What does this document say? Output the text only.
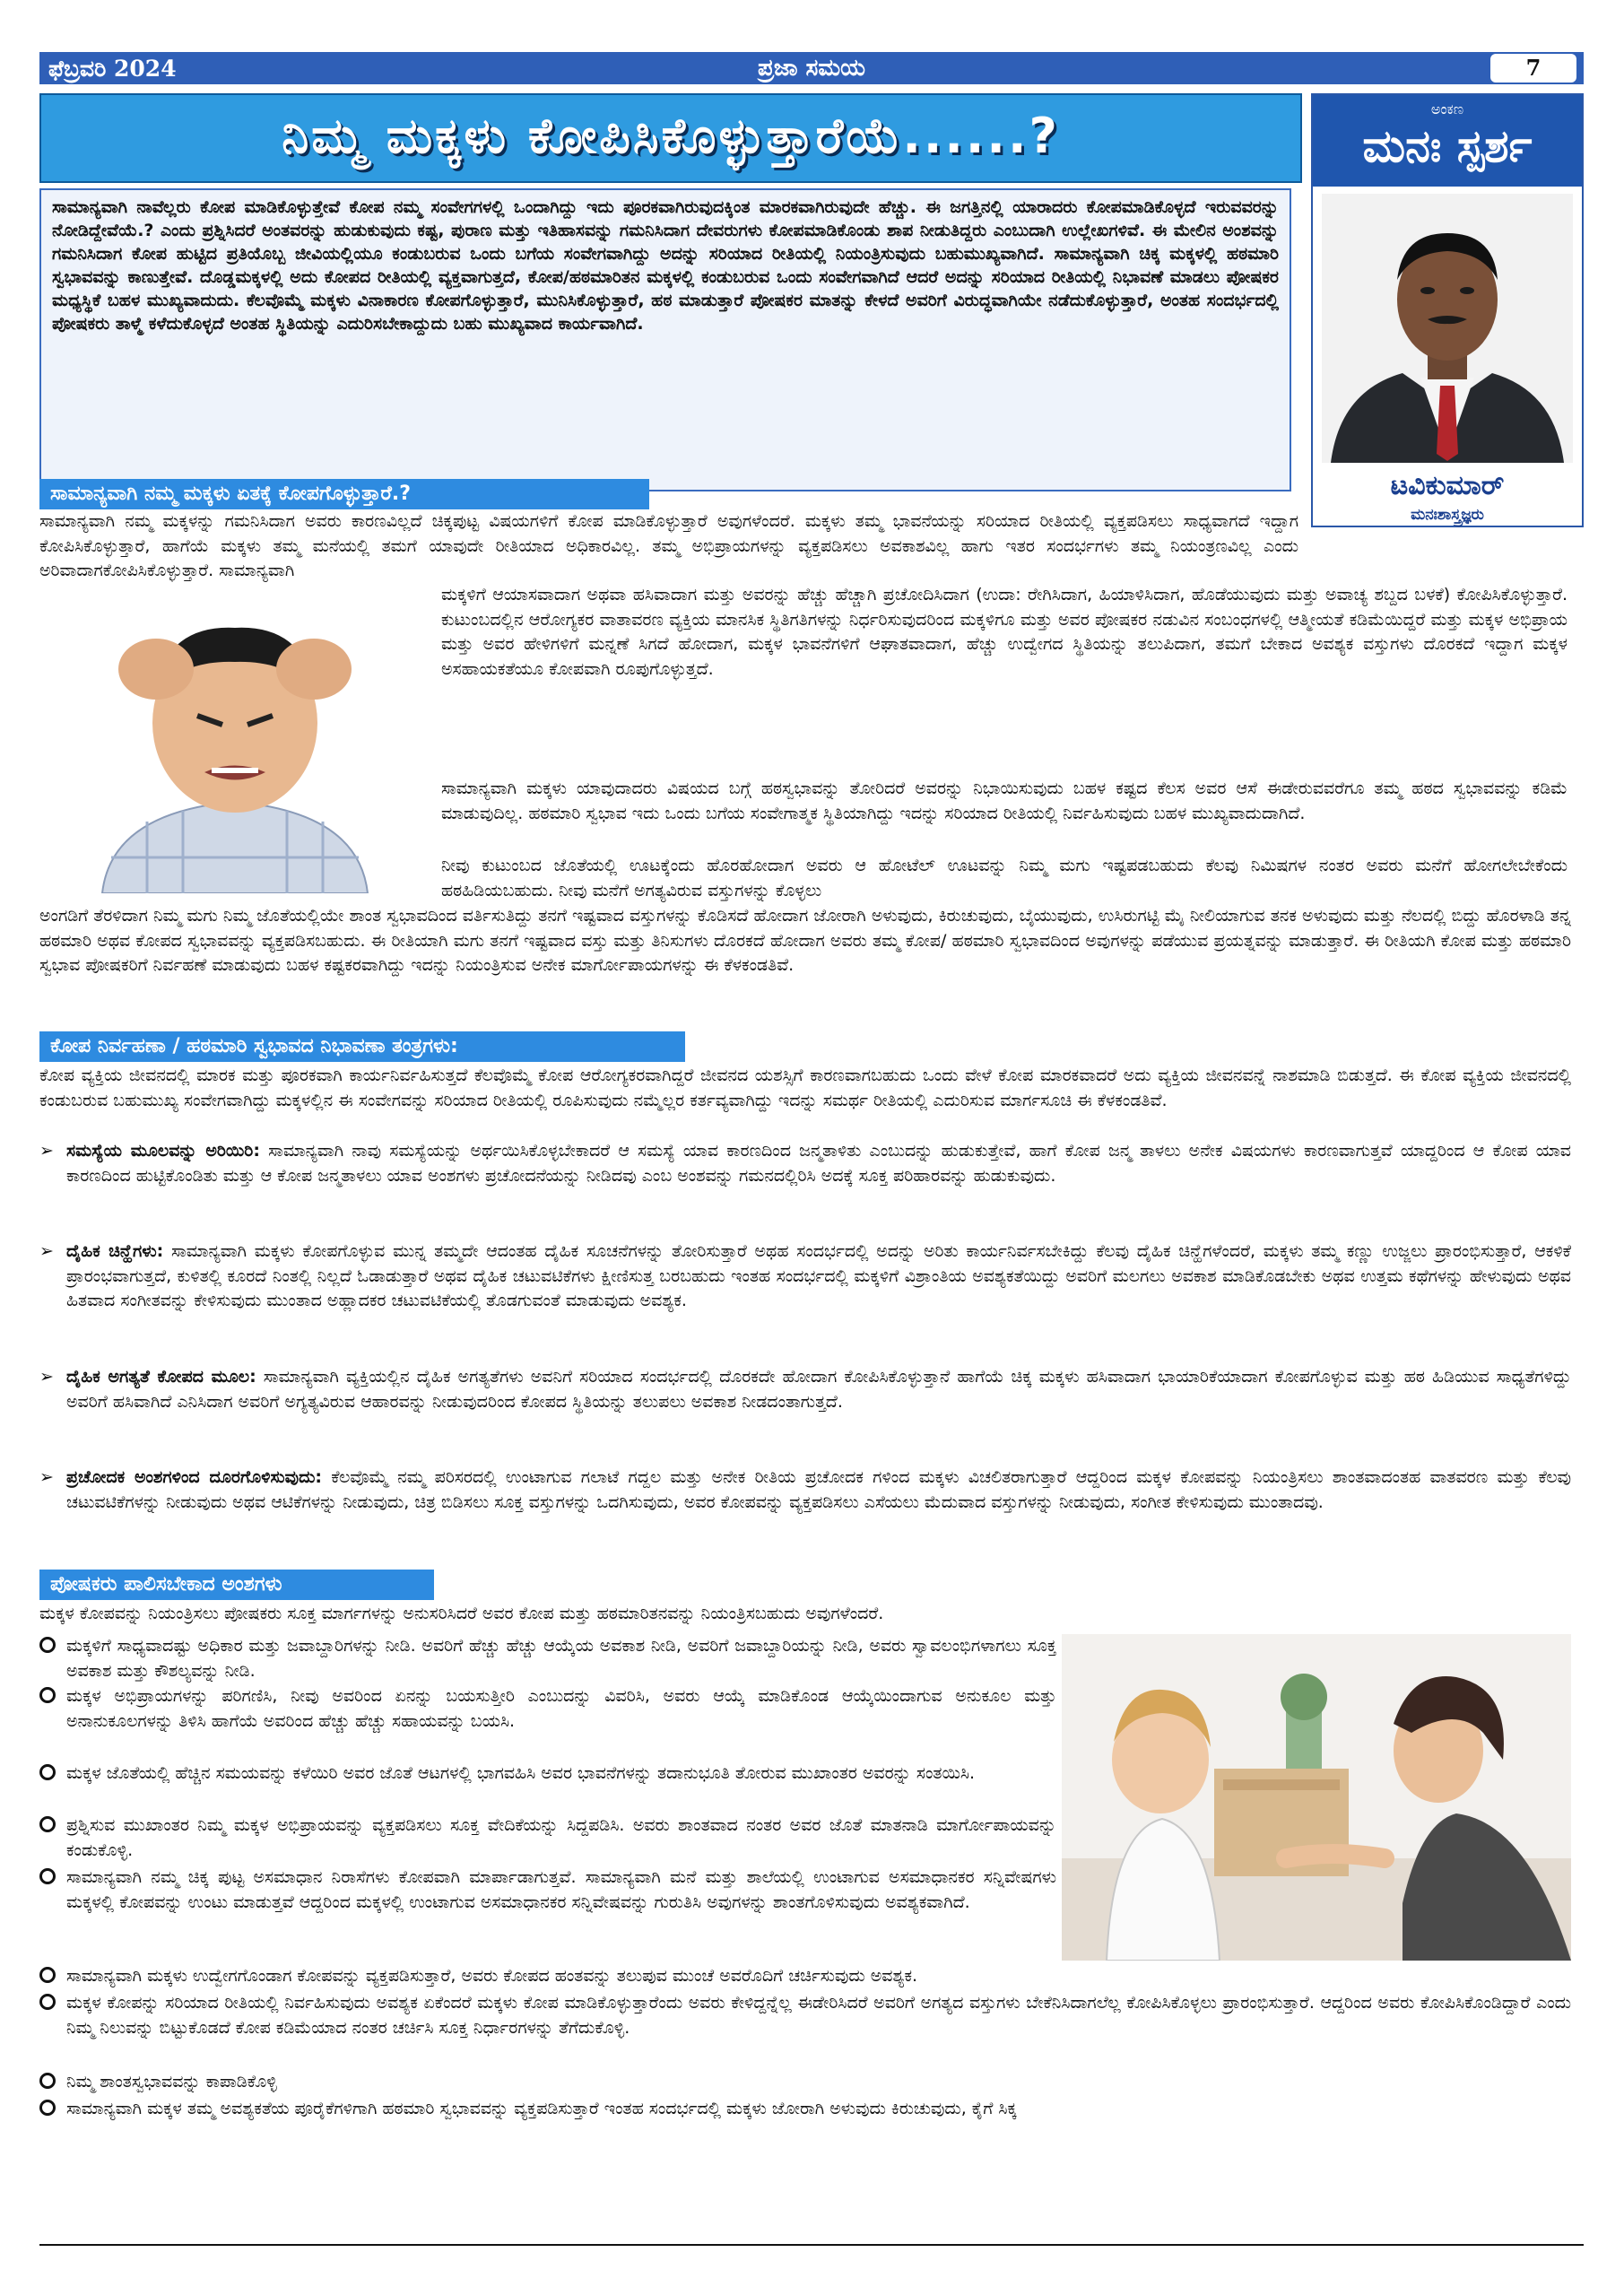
ಫೆಬ್ರವರಿ 2024	ಪ್ರಜಾ ಸಮಯ	7
ನಿಮ್ಮ ಮಕ್ಕಳು ಕೋಪಿಸಿಕೊಳ್ಳುತ್ತಾರೆಯೆ......?	ಅಂಕಣ
ಮನಃ ಸ್ಪರ್ಶ
ಟವಿಕುಮಾರ್
ಮನಃಶಾಸ್ತ್ರಜ್ಞರು

ಸಾಮಾನ್ಯವಾಗಿ ನಾವೆಲ್ಲರು ಕೋಪ ಮಾಡಿಕೊಳ್ಳುತ್ತೇವೆ ಕೋಪ ನಮ್ಮ ಸಂವೇಗಗಳಲ್ಲಿ ಒಂದಾಗಿದ್ದು ಇದು ಪೂರಕವಾಗಿರುವುದಕ್ಕಿಂತ ಮಾರಕವಾಗಿರುವುದೇ ಹೆಚ್ಚು. ಈ ಜಗತ್ತಿನಲ್ಲಿ ಯಾರಾದರು ಕೋಪಮಾಡಿಕೊಳ್ಳದೆ ಇರುವವರನ್ನು ನೋಡಿದ್ದೇವೆಯೆ.? ಎಂದು ಪ್ರಶ್ನಿಸಿದರೆ ಅಂತವರನ್ನು ಹುಡುಕುವುದು ಕಷ್ಟ, ಪುರಾಣ ಮತ್ತು ಇತಿಹಾಸವನ್ನು ಗಮನಿಸಿದಾಗ ದೇವರುಗಳು ಕೋಪಮಾಡಿಕೊಂಡು ಶಾಪ ನೀಡುತಿದ್ದರು ಎಂಬುದಾಗಿ ಉಲ್ಲೇಖಗಳಿವೆ. ಈ ಮೇಲಿನ ಅಂಶವನ್ನು ಗಮನಿಸಿದಾಗ ಕೋಪ ಹುಟ್ಟಿದ ಪ್ರತಿಯೊಬ್ಬ ಜೀವಿಯಲ್ಲಿಯೂ ಕಂಡುಬರುವ ಒಂದು ಬಗೆಯ ಸಂವೇಗವಾಗಿದ್ದು ಅದನ್ನು ಸರಿಯಾದ ರೀತಿಯಲ್ಲಿ ನಿಯಂತ್ರಿಸುವುದು ಬಹುಮುಖ್ಯವಾಗಿದೆ. ಸಾಮಾನ್ಯವಾಗಿ ಚಿಕ್ಕ ಮಕ್ಕಳಲ್ಲಿ ಹಠಮಾರಿ ಸ್ವಭಾವವನ್ನು ಕಾಣುತ್ತೇವೆ. ದೊಡ್ಡಮಕ್ಕಳಲ್ಲಿ ಅದು ಕೋಪದ ರೀತಿಯಲ್ಲಿ ವ್ಯಕ್ತವಾಗುತ್ತದೆ, ಕೋಪ/ಹಠಮಾರಿತನ ಮಕ್ಕಳಲ್ಲಿ ಕಂಡುಬರುವ ಒಂದು ಸಂವೇಗವಾಗಿದೆ ಆದರೆ ಅದನ್ನು ಸರಿಯಾದ ರೀತಿಯಲ್ಲಿ ನಿಭಾವಣೆ ಮಾಡಲು ಪೋಷಕರ ಮಧ್ಯಸ್ಥಿಕೆ ಬಹಳ ಮುಖ್ಯವಾದುದು. ಕೆಲವೊಮ್ಮೆ ಮಕ್ಕಳು ವಿನಾಕಾರಣ ಕೋಪಗೊಳ್ಳುತ್ತಾರೆ, ಮುನಿಸಿಕೊಳ್ಳುತ್ತಾರೆ, ಹಠ ಮಾಡುತ್ತಾರೆ ಪೋಷಕರ ಮಾತನ್ನು ಕೇಳದೆ ಅವರಿಗೆ ವಿರುದ್ಧವಾಗಿಯೇ ನಡೆದುಕೊಳ್ಳುತ್ತಾರೆ, ಅಂತಹ ಸಂದರ್ಭದಲ್ಲಿ ಪೋಷಕರು ತಾಳ್ಮೆ ಕಳೆದುಕೊಳ್ಳದೆ ಅಂತಹ ಸ್ಥಿತಿಯನ್ನು ಎದುರಿಸಬೇಕಾದ್ದುದು ಬಹು ಮುಖ್ಯವಾದ ಕಾರ್ಯವಾಗಿದೆ.

ಸಾಮಾನ್ಯವಾಗಿ ನಮ್ಮ ಮಕ್ಕಳು ಏತಕ್ಕೆ ಕೋಪಗೊಳ್ಳುತ್ತಾರೆ.?

ಸಾಮಾನ್ಯವಾಗಿ ನಮ್ಮ ಮಕ್ಕಳನ್ನು ಗಮನಿಸಿದಾಗ ಅವರು ಕಾರಣವಿಲ್ಲದೆ ಚಿಕ್ಕಪುಟ್ಟ ವಿಷಯಗಳಿಗೆ ಕೋಪ ಮಾಡಿಕೊಳ್ಳುತ್ತಾರೆ ಅವುಗಳೆಂದರೆ. ಮಕ್ಕಳು ತಮ್ಮ ಭಾವನೆಯನ್ನು ಸರಿಯಾದ ರೀತಿಯಲ್ಲಿ ವ್ಯಕ್ತಪಡಿಸಲು ಸಾಧ್ಯವಾಗದೆ ಇದ್ದಾಗ ಕೋಪಿಸಿಕೊಳ್ಳುತ್ತಾರೆ, ಹಾಗೆಯೆ ಮಕ್ಕಳು ತಮ್ಮ ಮನೆಯಲ್ಲಿ ತಮಗೆ ಯಾವುದೇ ರೀತಿಯಾದ ಅಧಿಕಾರವಿಲ್ಲ. ತಮ್ಮ ಅಭಿಪ್ರಾಯಗಳನ್ನು ವ್ಯಕ್ತಪಡಿಸಲು ಅವಕಾಶವಿಲ್ಲ ಹಾಗು ಇತರ ಸಂದರ್ಭಗಳು ತಮ್ಮ ನಿಯಂತ್ರಣವಿಲ್ಲ ಎಂದು ಅರಿವಾದಾಗಕೋಪಿಸಿಕೊಳ್ಳುತ್ತಾರೆ. ಸಾಮಾನ್ಯವಾಗಿ

ಮಕ್ಕಳಿಗೆ ಆಯಾಸವಾದಾಗ ಅಥವಾ ಹಸಿವಾದಾಗ ಮತ್ತು ಅವರನ್ನು ಹೆಚ್ಚು ಹೆಚ್ಚಾಗಿ ಪ್ರಚೋದಿಸಿದಾಗ (ಉದಾ: ರೇಗಿಸಿದಾಗ, ಹಿಯಾಳಿಸಿದಾಗ, ಹೊಡೆಯುವುದು ಮತ್ತು ಅವಾಚ್ಯ ಶಬ್ದದ ಬಳಕೆ) ಕೋಪಿಸಿಕೊಳ್ಳುತ್ತಾರೆ. ಕುಟುಂಬದಲ್ಲಿನ ಆರೋಗ್ಯಕರ ವಾತಾವರಣ ವ್ಯಕ್ತಿಯ ಮಾನಸಿಕ ಸ್ಥಿತಿಗತಿಗಳನ್ನು ನಿರ್ಧರಿಸುವುದರಿಂದ ಮಕ್ಕಳಿಗೂ ಮತ್ತು ಅವರ ಪೋಷಕರ ನಡುವಿನ ಸಂಬಂಧಗಳಲ್ಲಿ ಆತ್ಮೀಯತೆ ಕಡಿಮೆಯಿದ್ದರೆ ಮತ್ತು ಮಕ್ಕಳ ಅಭಿಪ್ರಾಯ ಮತ್ತು ಅವರ ಹೇಳಿಗಳಿಗೆ ಮನ್ನಣೆ ಸಿಗದೆ ಹೋದಾಗ, ಮಕ್ಕಳ ಭಾವನೆಗಳಿಗೆ ಆಘಾತವಾದಾಗ, ಹೆಚ್ಚು ಉದ್ವೇಗದ ಸ್ಥಿತಿಯನ್ನು ತಲುಪಿದಾಗ, ತಮಗೆ ಬೇಕಾದ ಅವಶ್ಯಕ ವಸ್ತುಗಳು ದೊರಕದೆ ಇದ್ದಾಗ ಮಕ್ಕಳ ಅಸಹಾಯಕತೆಯೂ ಕೋಪವಾಗಿ ರೂಪುಗೊಳ್ಳುತ್ತದೆ.

ಸಾಮಾನ್ಯವಾಗಿ ಮಕ್ಕಳು ಯಾವುದಾದರು ವಿಷಯದ ಬಗ್ಗೆ ಹಠಸ್ವಭಾವನ್ನು ತೋರಿದರೆ ಅವರನ್ನು ನಿಭಾಯಿಸುವುದು ಬಹಳ ಕಷ್ಟದ ಕೆಲಸ ಅವರ ಆಸೆ ಈಡೇರುವವರೆಗೂ ತಮ್ಮ ಹಠದ ಸ್ವಭಾವವನ್ನು ಕಡಿಮೆ ಮಾಡುವುದಿಲ್ಲ. ಹಠಮಾರಿ ಸ್ವಭಾವ ಇದು ಒಂದು ಬಗೆಯ ಸಂವೇಗಾತ್ಮಕ ಸ್ಥಿತಿಯಾಗಿದ್ದು ಇದನ್ನು ಸರಿಯಾದ ರೀತಿಯಲ್ಲಿ ನಿರ್ವಹಿಸುವುದು ಬಹಳ ಮುಖ್ಯವಾದುದಾಗಿದೆ.

ನೀವು ಕುಟುಂಬದ ಜೊತೆಯಲ್ಲಿ ಊಟಕ್ಕೆಂದು ಹೊರಹೋದಾಗ ಅವರು ಆ ಹೋಟೆಲ್ ಊಟವನ್ನು ನಿಮ್ಮ ಮಗು ಇಷ್ಟಪಡಬಹುದು ಕೆಲವು ನಿಮಿಷಗಳ ನಂತರ ಅವರು ಮನೆಗೆ ಹೋಗಲೇಬೇಕೆಂದು ಹಠಹಿಡಿಯಬಹುದು. ನೀವು ಮನೆಗೆ ಅಗತ್ಯವಿರುವ ವಸ್ತುಗಳನ್ನು ಕೊಳ್ಳಲು

ಅಂಗಡಿಗೆ ತೆರಳಿದಾಗ ನಿಮ್ಮ ಮಗು ನಿಮ್ಮ ಜೊತೆಯಲ್ಲಿಯೇ ಶಾಂತ ಸ್ವಭಾವದಿಂದ ವರ್ತಿಸುತಿದ್ದು ತನಗೆ ಇಷ್ಟವಾದ ವಸ್ತುಗಳನ್ನು ಕೊಡಿಸದೆ ಹೋದಾಗ ಜೋರಾಗಿ ಅಳುವುದು, ಕಿರುಚುವುದು, ಬೈಯುವುದು, ಉಸಿರುಗಟ್ಟಿ ಮೈ ನೀಲಿಯಾಗುವ ತನಕ ಅಳುವುದು ಮತ್ತು ನೆಲದಲ್ಲಿ ಬಿದ್ದು ಹೊರಳಾಡಿ ತನ್ನ ಹಠಮಾರಿ ಅಥವ ಕೋಪದ ಸ್ವಭಾವವನ್ನು ವ್ಯಕ್ತಪಡಿಸಬಹುದು. ಈ ರೀತಿಯಾಗಿ ಮಗು ತನಗೆ ಇಷ್ಟವಾದ ವಸ್ತು ಮತ್ತು ತಿನಿಸುಗಳು ದೊರಕದೆ ಹೋದಾಗ ಅವರು ತಮ್ಮ ಕೋಪ/ ಹಠಮಾರಿ ಸ್ವಭಾವದಿಂದ ಅವುಗಳನ್ನು ಪಡೆಯುವ ಪ್ರಯತ್ನವನ್ನು ಮಾಡುತ್ತಾರೆ. ಈ ರೀತಿಯಗಿ ಕೋಪ ಮತ್ತು ಹಠಮಾರಿ ಸ್ವಭಾವ ಪೋಷಕರಿಗೆ ನಿರ್ವಹಣೆ ಮಾಡುವುದು ಬಹಳ ಕಷ್ಟಕರವಾಗಿದ್ದು ಇದನ್ನು ನಿಯಂತ್ರಿಸುವ ಅನೇಕ ಮಾರ್ಗೋಪಾಯಗಳನ್ನು ಈ ಕೆಳಕಂಡತಿವೆ.

ಕೋಪ ನಿರ್ವಹಣಾ / ಹಠಮಾರಿ ಸ್ವಭಾವದ ನಿಭಾವಣಾ ತಂತ್ರಗಳು:

ಕೋಪ ವ್ಯಕ್ತಿಯ ಜೀವನದಲ್ಲಿ ಮಾರಕ ಮತ್ತು ಪೂರಕವಾಗಿ ಕಾರ್ಯನಿರ್ವಹಿಸುತ್ತದೆ ಕೆಲವೊಮ್ಮೆ ಕೋಪ ಆರೋಗ್ಯಕರವಾಗಿದ್ದರೆ ಜೀವನದ ಯಶಸ್ಸಿಗೆ ಕಾರಣವಾಗಬಹುದು ಒಂದು ವೇಳೆ ಕೋಪ ಮಾರಕವಾದರೆ ಅದು ವ್ಯಕ್ತಿಯ ಜೀವನವನ್ನೆ ನಾಶಮಾಡಿ ಬಿಡುತ್ತದೆ. ಈ ಕೋಪ ವ್ಯಕ್ತಿಯ ಜೀವನದಲ್ಲಿ ಕಂಡುಬರುವ ಬಹುಮುಖ್ಯ ಸಂವೇಗವಾಗಿದ್ದು ಮಕ್ಕಳಲ್ಲಿನ ಈ ಸಂವೇಗವನ್ನು ಸರಿಯಾದ ರೀತಿಯಲ್ಲಿ ರೂಪಿಸುವುದು ನಮ್ಮೆಲ್ಲರ ಕರ್ತವ್ಯವಾಗಿದ್ದು ಇದನ್ನು ಸಮರ್ಥ ರೀತಿಯಲ್ಲಿ ಎದುರಿಸುವ ಮಾರ್ಗಸೂಚಿ ಈ ಕೆಳಕಂಡತಿವೆ.

➢ ಸಮಸ್ಯೆಯ ಮೂಲವನ್ನು ಅರಿಯಿರಿ: ಸಾಮಾನ್ಯವಾಗಿ ನಾವು ಸಮಸ್ಯೆಯನ್ನು ಅರ್ಥಯಿಸಿಕೊಳ್ಳಬೇಕಾದರೆ ಆ ಸಮಸ್ಯೆ ಯಾವ ಕಾರಣದಿಂದ ಜನ್ಮತಾಳಿತು ಎಂಬುದನ್ನು ಹುಡುಕುತ್ತೇವೆ, ಹಾಗೆ ಕೋಪ ಜನ್ಮ ತಾಳಲು ಅನೇಕ ವಿಷಯಗಳು ಕಾರಣವಾಗುತ್ತವೆ ಯಾದ್ದರಿಂದ ಆ ಕೋಪ ಯಾವ ಕಾರಣದಿಂದ ಹುಟ್ಟಿಕೊಂಡಿತು ಮತ್ತು ಆ ಕೋಪ ಜನ್ಮತಾಳಲು ಯಾವ ಅಂಶಗಳು ಪ್ರಚೋದನೆಯನ್ನು ನೀಡಿದವು ಎಂಬ ಅಂಶವನ್ನು ಗಮನದಲ್ಲಿರಿಸಿ ಅದಕ್ಕೆ ಸೂಕ್ತ ಪರಿಹಾರವನ್ನು ಹುಡುಕುವುದು.
➢ ದೈಹಿಕ ಚಿನ್ಹೆಗಳು: ಸಾಮಾನ್ಯವಾಗಿ ಮಕ್ಕಳು ಕೋಪಗೊಳ್ಳುವ ಮುನ್ನ ತಮ್ಮದೇ ಆದಂತಹ ದೈಹಿಕ ಸೂಚನೆಗಳನ್ನು ತೋರಿಸುತ್ತಾರೆ ಅಥಹ ಸಂದರ್ಭದಲ್ಲಿ ಅದನ್ನು ಅರಿತು ಕಾರ್ಯನಿರ್ವಸಬೇಕಿದ್ದು ಕೆಲವು ದೈಹಿಕ ಚಿನ್ಹೆಗಳೆಂದರೆ, ಮಕ್ಕಳು ತಮ್ಮ ಕಣ್ಣು ಉಜ್ಜಲು ಪ್ರಾರಂಭಿಸುತ್ತಾರೆ, ಆಕಳಿಕೆ ಪ್ರಾರಂಭವಾಗುತ್ತದೆ, ಕುಳಿತಲ್ಲಿ ಕೂರದೆ ನಿಂತಲ್ಲಿ ನಿಲ್ಲದೆ ಓಡಾಡುತ್ತಾರೆ ಅಥವ ದೈಹಿಕ ಚಟುವಟಿಕೆಗಳು ಕ್ಷೀಣಿಸುತ್ತ ಬರಬಹುದು ಇಂತಹ ಸಂದರ್ಭದಲ್ಲಿ ಮಕ್ಕಳಿಗೆ ವಿಶ್ರಾಂತಿಯ ಅವಶ್ಯಕತೆಯಿದ್ದು ಅವರಿಗೆ ಮಲಗಲು ಅವಕಾಶ ಮಾಡಿಕೊಡಬೇಕು ಅಥವ ಉತ್ತಮ ಕಥೆಗಳನ್ನು ಹೇಳುವುದು ಅಥವ ಹಿತವಾದ ಸಂಗೀತವನ್ನು ಕೇಳಿಸುವುದು ಮುಂತಾದ ಅಹ್ಲಾದಕರ ಚಟುವಟಿಕೆಯಲ್ಲಿ ತೊಡಗುವಂತೆ ಮಾಡುವುದು ಅವಶ್ಯಕ.
➢ ದೈಹಿಕ ಅಗತ್ಯತೆ ಕೋಪದ ಮೂಲ: ಸಾಮಾನ್ಯವಾಗಿ ವ್ಯಕ್ತಿಯಲ್ಲಿನ ದೈಹಿಕ ಅಗತ್ಯತೆಗಳು ಅವನಿಗೆ ಸರಿಯಾದ ಸಂದರ್ಭದಲ್ಲಿ ದೊರಕದೇ ಹೋದಾಗ ಕೋಪಿಸಿಕೊಳ್ಳುತ್ತಾನೆ ಹಾಗೆಯೆ ಚಿಕ್ಕ ಮಕ್ಕಳು ಹಸಿವಾದಾಗ ಭಾಯಾರಿಕೆಯಾದಾಗ ಕೋಪಗೊಳ್ಳುವ ಮತ್ತು ಹಠ ಹಿಡಿಯುವ ಸಾಧ್ಯತೆಗಳಿದ್ದು ಅವರಿಗೆ ಹಸಿವಾಗಿದೆ ಎನಿಸಿದಾಗ ಅವರಿಗೆ ಅಗ್ಯತ್ಯವಿರುವ ಆಹಾರವನ್ನು ನೀಡುವುದರಿಂದ ಕೋಪದ ಸ್ಥಿತಿಯನ್ನು ತಲುಪಲು ಅವಕಾಶ ನೀಡದಂತಾಗುತ್ತದೆ.
➢ ಪ್ರಚೋದಕ ಅಂಶಗಳಿಂದ ದೂರಗೊಳಿಸುವುದು: ಕೆಲವೊಮ್ಮೆ ನಮ್ಮ ಪರಿಸರದಲ್ಲಿ ಉಂಟಾಗುವ ಗಲಾಟೆ ಗದ್ದಲ ಮತ್ತು ಅನೇಕ ರೀತಿಯ ಪ್ರಚೋದಕ ಗಳಿಂದ ಮಕ್ಕಳು ವಿಚಲಿತರಾಗುತ್ತಾರೆ ಆದ್ದರಿಂದ ಮಕ್ಕಳ ಕೋಪವನ್ನು ನಿಯಂತ್ರಿಸಲು ಶಾಂತವಾದಂತಹ ವಾತವರಣ ಮತ್ತು ಕೆಲವು ಚಟುವಟಿಕೆಗಳನ್ನು ನೀಡುವುದು ಅಥವ ಆಟಿಕೆಗಳನ್ನು ನೀಡುವುದು, ಚಿತ್ರ ಬಿಡಿಸಲು ಸೂಕ್ತ ವಸ್ತುಗಳನ್ನು ಒದಗಿಸುವುದು, ಅವರ ಕೋಪವನ್ನು ವ್ಯಕ್ತಪಡಿಸಲು ಎಸೆಯಲು ಮೆದುವಾದ ವಸ್ತುಗಳನ್ನು ನೀಡುವುದು, ಸಂಗೀತ ಕೇಳಿಸುವುದು ಮುಂತಾದವು.
ಪೋಷಕರು ಪಾಲಿಸಬೇಕಾದ ಅಂಶಗಳು

ಮಕ್ಕಳ ಕೋಪವನ್ನು ನಿಯಂತ್ರಿಸಲು ಪೋಷಕರು ಸೂಕ್ತ ಮಾರ್ಗಗಳನ್ನು ಅನುಸರಿಸಿದರೆ ಅವರ ಕೋಪ ಮತ್ತು ಹಠಮಾರಿತನವನ್ನು ನಿಯಂತ್ರಿಸಬಹುದು ಅವುಗಳೆಂದರೆ.

ಮಕ್ಕಳಿಗೆ ಸಾಧ್ಯವಾದಷ್ಟು ಅಧಿಕಾರ ಮತ್ತು ಜವಾಬ್ದಾರಿಗಳನ್ನು ನೀಡಿ. ಅವರಿಗೆ ಹೆಚ್ಚು ಹೆಚ್ಚು ಆಯ್ಕೆಯ ಅವಕಾಶ ನೀಡಿ, ಅವರಿಗೆ ಜವಾಬ್ದಾರಿಯನ್ನು ನೀಡಿ, ಅವರು ಸ್ವಾವಲಂಭಿಗಳಾಗಲು ಸೂಕ್ತ ಅವಕಾಶ ಮತ್ತು ಕೌಶಲ್ಯವನ್ನು ನೀಡಿ.
ಮಕ್ಕಳ ಅಭಿಪ್ರಾಯಗಳನ್ನು ಪರಿಗಣಿಸಿ, ನೀವು ಅವರಿಂದ ಏನನ್ನು ಬಯಸುತ್ತೀರಿ ಎಂಬುದನ್ನು ವಿವರಿಸಿ, ಅವರು ಆಯ್ಕೆ ಮಾಡಿಕೊಂಡ ಆಯ್ಕೆಯಿಂದಾಗುವ ಅನುಕೂಲ ಮತ್ತು ಅನಾನುಕೂಲಗಳನ್ನು ತಿಳಿಸಿ ಹಾಗೆಯೆ ಅವರಿಂದ ಹೆಚ್ಚು ಹೆಚ್ಚು ಸಹಾಯವನ್ನು ಬಯಸಿ.
ಮಕ್ಕಳ ಜೊತೆಯಲ್ಲಿ ಹೆಚ್ಚಿನ ಸಮಯವನ್ನು ಕಳೆಯಿರಿ ಅವರ ಜೊತೆ ಆಟಗಳಲ್ಲಿ ಭಾಗವಹಿಸಿ ಅವರ ಭಾವನೆಗಳನ್ನು ತದಾನುಭೂತಿ ತೋರುವ ಮುಖಾಂತರ ಅವರನ್ನು ಸಂತಯಿಸಿ.
ಪ್ರಶ್ನಿಸುವ ಮುಖಾಂತರ ನಿಮ್ಮ ಮಕ್ಕಳ ಅಭಿಪ್ರಾಯವನ್ನು ವ್ಯಕ್ತಪಡಿಸಲು ಸೂಕ್ತ ವೇದಿಕೆಯನ್ನು ಸಿದ್ದಪಡಿಸಿ. ಅವರು ಶಾಂತವಾದ ನಂತರ ಅವರ ಜೊತೆ ಮಾತನಾಡಿ ಮಾರ್ಗೋಪಾಯವನ್ನು ಕಂಡುಕೊಳ್ಳಿ.
ಸಾಮಾನ್ಯವಾಗಿ ನಮ್ಮ ಚಿಕ್ಕ ಪುಟ್ಟ ಅಸಮಾಧಾನ ನಿರಾಸೆಗಳು ಕೋಪವಾಗಿ ಮಾರ್ಪಾಡಾಗುತ್ತವೆ. ಸಾಮಾನ್ಯವಾಗಿ ಮನೆ ಮತ್ತು ಶಾಲೆಯಲ್ಲಿ ಉಂಟಾಗುವ ಅಸಮಾಧಾನಕರ ಸನ್ನಿವೇಷಗಳು ಮಕ್ಕಳಲ್ಲಿ ಕೋಪವನ್ನು ಉಂಟು ಮಾಡುತ್ತವೆ ಆದ್ದರಿಂದ ಮಕ್ಕಳಲ್ಲಿ ಉಂಟಾಗುವ ಅಸಮಾಧಾನಕರ ಸನ್ನಿವೇಷವನ್ನು ಗುರುತಿಸಿ ಅವುಗಳನ್ನು ಶಾಂತಗೊಳಿಸುವುದು ಅವಶ್ಯಕವಾಗಿದೆ.
ಸಾಮಾನ್ಯವಾಗಿ ಮಕ್ಕಳು ಉದ್ವೇಗಗೊಂಡಾಗ ಕೋಪವನ್ನು ವ್ಯಕ್ತಪಡಿಸುತ್ತಾರೆ, ಅವರು ಕೋಪದ ಹಂತವನ್ನು ತಲುಪುವ ಮುಂಚೆ ಅವರೊದಿಗೆ ಚರ್ಚಿಸುವುದು ಅವಶ್ಯಕ.
ಮಕ್ಕಳ ಕೋಪನ್ನು ಸರಿಯಾದ ರೀತಿಯಲ್ಲಿ ನಿರ್ವಹಿಸುವುದು ಅವಶ್ಯಕ ಏಕೆಂದರೆ ಮಕ್ಕಳು ಕೋಪ ಮಾಡಿಕೊಳ್ಳುತ್ತಾರೆಂದು ಅವರು ಕೇಳಿದ್ದನ್ನೆಲ್ಲ ಈಡೇರಿಸಿದರೆ ಅವರಿಗೆ ಅಗತ್ಯದ ವಸ್ತುಗಳು ಬೇಕೆನಿಸಿದಾಗಲೆಲ್ಲ ಕೋಪಿಸಿಕೊಳ್ಳಲು ಪ್ರಾರಂಭಿಸುತ್ತಾರೆ. ಆದ್ದರಿಂದ ಅವರು ಕೋಪಿಸಿಕೊಂಡಿದ್ದಾರೆ ಎಂದು ನಿಮ್ಮ ನಿಲುವನ್ನು ಬಿಟ್ಟುಕೊಡದೆ ಕೋಪ ಕಡಿಮೆಯಾದ ನಂತರ ಚರ್ಚಿಸಿ ಸೂಕ್ತ ನಿರ್ಧಾರಗಳನ್ನು ತೆಗೆದುಕೊಳ್ಳಿ.
ನಿಮ್ಮ ಶಾಂತಸ್ವಭಾವವನ್ನು ಕಾಪಾಡಿಕೊಳ್ಳಿ
ಸಾಮಾನ್ಯವಾಗಿ ಮಕ್ಕಳ ತಮ್ಮ ಅವಶ್ಯಕತೆಯ ಪೂರೈಕೆಗಳಿಗಾಗಿ ಹಠಮಾರಿ ಸ್ವಭಾವವನ್ನು ವ್ಯಕ್ತಪಡಿಸುತ್ತಾರೆ ಇಂತಹ ಸಂದರ್ಭದಲ್ಲಿ ಮಕ್ಕಳು ಜೋರಾಗಿ ಅಳುವುದು ಕಿರುಚುವುದು, ಕೈಗೆ ಸಿಕ್ಕ
